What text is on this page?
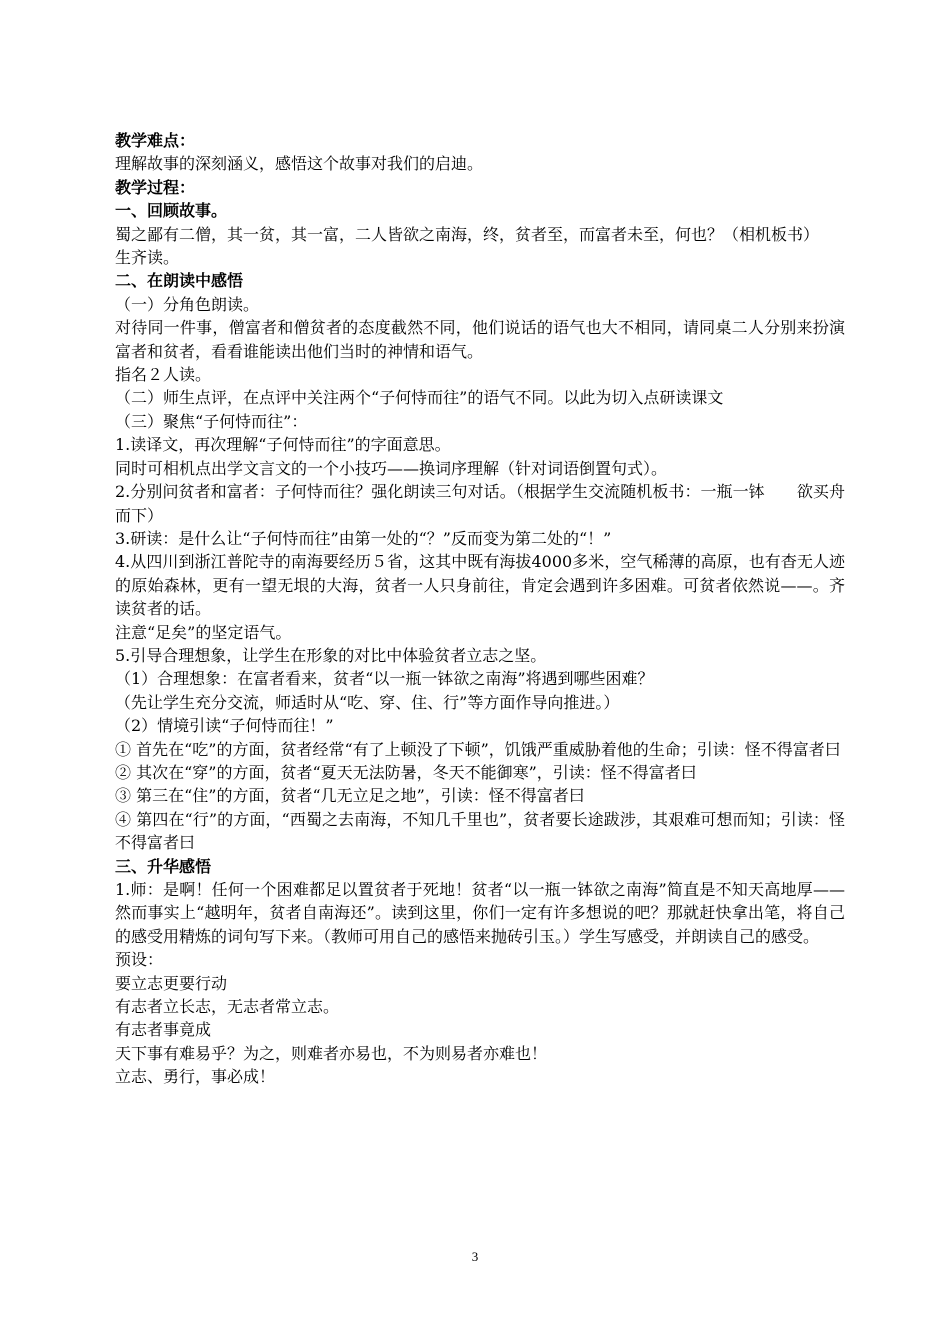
教学难点：

理解故事的深刻涵义，感悟这个故事对我们的启迪。

教学过程：

一、回顾故事。

蜀之鄙有二僧，其一贫，其一富，二人皆欲之南海，终，贫者至，而富者未至，何也？（相机板书）

生齐读。

二、在朗读中感悟

（一）分角色朗读。

对待同一件事，僧富者和僧贫者的态度截然不同，他们说话的语气也大不相同，请同桌二人分别来扮演富者和贫者，看看谁能读出他们当时的神情和语气。

指名２人读。

（二）师生点评，在点评中关注两个“子何恃而往”的语气不同。以此为切入点研读课文

（三）聚焦“子何恃而往”：

1.读译文，再次理解“子何恃而往”的字面意思。

同时可相机点出学文言文的一个小技巧——换词序理解（针对词语倒置句式）。

2.分别问贫者和富者：子何恃而往？强化朗读三句对话。（根据学生交流随机板书：一瓶一钵　　欲买舟而下）

3.研读：是什么让“子何恃而往”由第一处的“？”反而变为第二处的“！”

4.从四川到浙江普陀寺的南海要经历５省，这其中既有海拔4000多米，空气稀薄的高原，也有杳无人迹的原始森林，更有一望无垠的大海，贫者一人只身前往，肯定会遇到许多困难。可贫者依然说——。齐读贫者的话。

注意“足矣”的坚定语气。

5.引导合理想象，让学生在形象的对比中体验贫者立志之坚。

（1）合理想象：在富者看来，贫者“以一瓶一钵欲之南海”将遇到哪些困难？

（先让学生充分交流，师适时从“吃、穿、住、行”等方面作导向推进。）

（2）情境引读“子何恃而往！”

① 首先在“吃”的方面，贫者经常“有了上顿没了下顿”，饥饿严重威胁着他的生命；引读：怪不得富者曰

② 其次在“穿”的方面，贫者“夏天无法防暑，冬天不能御寒”，引读：怪不得富者曰

③ 第三在“住”的方面，贫者“几无立足之地”，引读：怪不得富者曰

④ 第四在“行”的方面，“西蜀之去南海，不知几千里也”，贫者要长途跋涉，其艰难可想而知；引读：怪不得富者曰

三、升华感悟

1.师：是啊！任何一个困难都足以置贫者于死地！贫者“以一瓶一钵欲之南海”简直是不知天高地厚——然而事实上“越明年，贫者自南海还”。读到这里，你们一定有许多想说的吧？那就赶快拿出笔，将自己的感受用精炼的词句写下来。（教师可用自己的感悟来抛砖引玉。）学生写感受，并朗读自己的感受。

预设：

要立志更要行动

有志者立长志，无志者常立志。

有志者事竟成

天下事有难易乎？为之，则难者亦易也，不为则易者亦难也！

立志、勇行，事必成！

3
